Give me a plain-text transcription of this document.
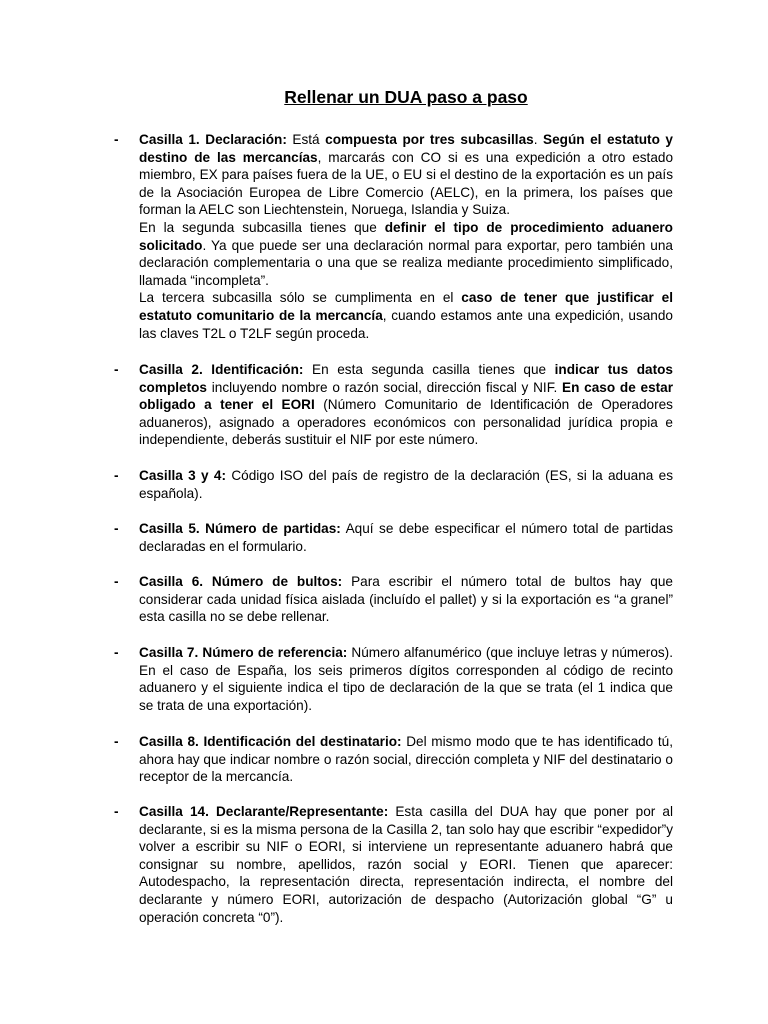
Rellenar un DUA paso a paso
- Casilla 1. Declaración: Está compuesta por tres subcasillas. Según el estatuto y destino de las mercancías, marcarás con CO si es una expedición a otro estado miembro, EX para países fuera de la UE, o EU si el destino de la exportación es un país de la Asociación Europea de Libre Comercio (AELC), en la primera, los países que forman la AELC son Liechtenstein, Noruega, Islandia y Suiza.

En la segunda subcasilla tienes que definir el tipo de procedimiento aduanero solicitado. Ya que puede ser una declaración normal para exportar, pero también una declaración complementaria o una que se realiza mediante procedimiento simplificado, llamada “incompleta”.

La tercera subcasilla sólo se cumplimenta en el caso de tener que justificar el estatuto comunitario de la mercancía, cuando estamos ante una expedición, usando las claves T2L o T2LF según proceda.

- Casilla 2. Identificación: En esta segunda casilla tienes que indicar tus datos completos incluyendo nombre o razón social, dirección fiscal y NIF. En caso de estar obligado a tener el EORI (Número Comunitario de Identificación de Operadores aduaneros), asignado a operadores económicos con personalidad jurídica propia e independiente, deberás sustituir el NIF por este número.

- Casilla 3 y 4: Código ISO del país de registro de la declaración (ES, si la aduana es española).

- Casilla 5. Número de partidas: Aquí se debe especificar el número total de partidas declaradas en el formulario.

- Casilla 6. Número de bultos: Para escribir el número total de bultos hay que considerar cada unidad física aislada (incluído el pallet) y si la exportación es “a granel” esta casilla no se debe rellenar.

- Casilla 7. Número de referencia: Número alfanumérico (que incluye letras y números). En el caso de España, los seis primeros dígitos corresponden al código de recinto aduanero y el siguiente indica el tipo de declaración de la que se trata (el 1 indica que se trata de una exportación).

- Casilla 8. Identificación del destinatario: Del mismo modo que te has identificado tú, ahora hay que indicar nombre o razón social, dirección completa y NIF del destinatario o receptor de la mercancía.

- Casilla 14. Declarante/Representante: Esta casilla del DUA hay que poner por al declarante, si es la misma persona de la Casilla 2, tan solo hay que escribir “expedidor”y volver a escribir su NIF o EORI, si interviene un representante aduanero habrá que consignar su nombre, apellidos, razón social y EORI. Tienen que aparecer: Autodespacho, la representación directa, representación indirecta, el nombre del declarante y número EORI, autorización de despacho (Autorización global “G” u operación concreta “0”).
